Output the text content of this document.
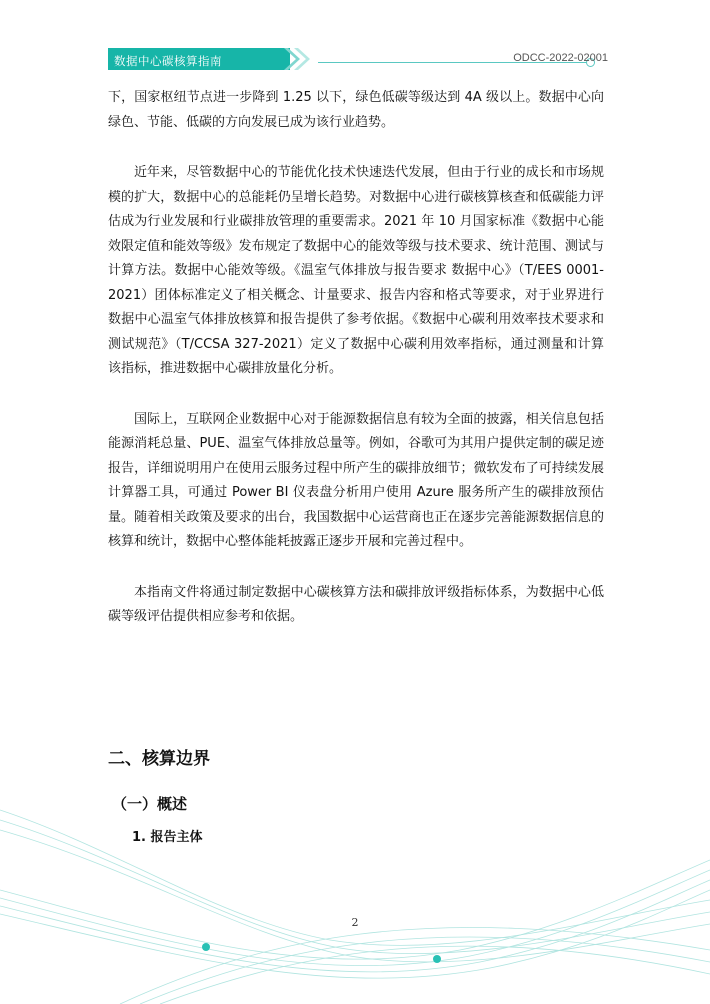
数据中心碳核算指南	ODCC-2022-02001

下，国家枢纽节点进一步降到 1.25 以下，绿色低碳等级达到 4A 级以上。数据中心向绿色、节能、低碳的方向发展已成为该行业趋势。

近年来，尽管数据中心的节能优化技术快速迭代发展，但由于行业的成长和市场规模的扩大，数据中心的总能耗仍呈增长趋势。对数据中心进行碳核算核查和低碳能力评估成为行业发展和行业碳排放管理的重要需求。2021 年 10 月国家标准《数据中心能效限定值和能效等级》发布规定了数据中心的能效等级与技术要求、统计范围、测试与计算方法。数据中心能效等级。《温室气体排放与报告要求 数据中心》（T/EES 0001-2021）团体标准定义了相关概念、计量要求、报告内容和格式等要求，对于业界进行数据中心温室气体排放核算和报告提供了参考依据。《数据中心碳利用效率技术要求和测试规范》（T/CCSA 327-2021）定义了数据中心碳利用效率指标，通过测量和计算该指标，推进数据中心碳排放量化分析。

国际上，互联网企业数据中心对于能源数据信息有较为全面的披露，相关信息包括能源消耗总量、PUE、温室气体排放总量等。例如，谷歌可为其用户提供定制的碳足迹报告，详细说明用户在使用云服务过程中所产生的碳排放细节；微软发布了可持续发展计算器工具，可通过 Power BI 仪表盘分析用户使用 Azure 服务所产生的碳排放预估量。随着相关政策及要求的出台，我国数据中心运营商也正在逐步完善能源数据信息的核算和统计，数据中心整体能耗披露正逐步开展和完善过程中。

本指南文件将通过制定数据中心碳核算方法和碳排放评级指标体系，为数据中心低碳等级评估提供相应参考和依据。

二、核算边界
（一）概述
1. 报告主体
2
